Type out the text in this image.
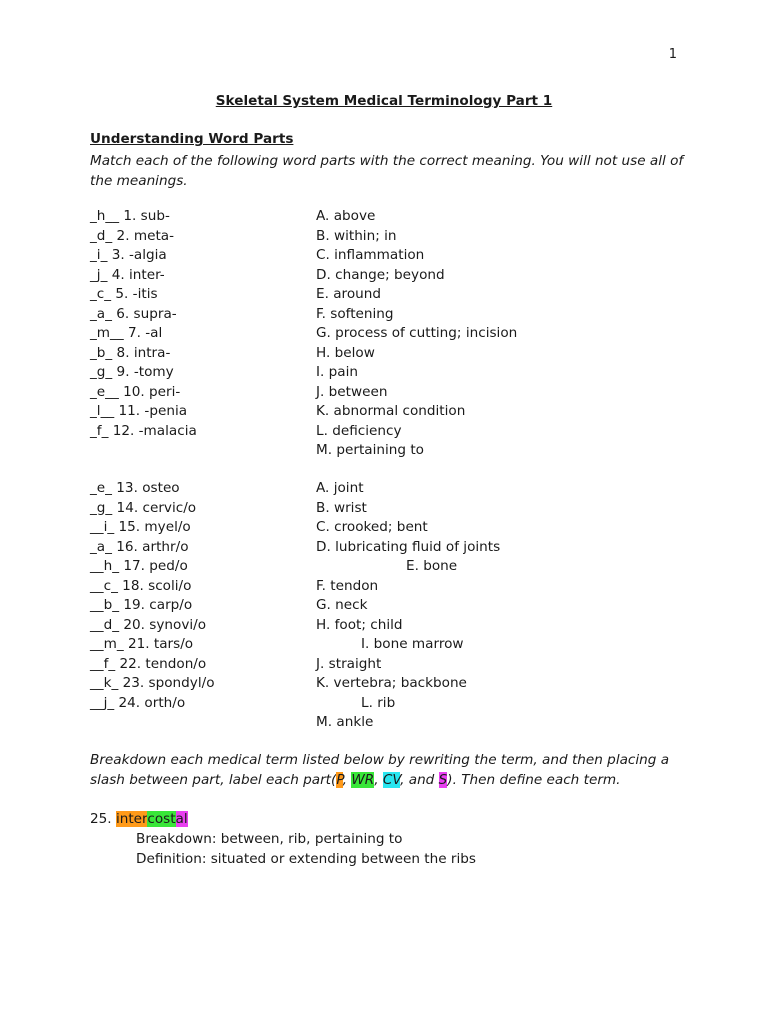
1
Skeletal System Medical Terminology Part 1
Understanding Word Parts
Match each of the following word parts with the correct meaning. You will not use all of the meanings.
_h__ 1. sub-	A. above
_d_ 2. meta-	B. within; in
_i_ 3. -algia	C. inflammation
_j_ 4. inter-	D. change; beyond
_c_ 5. -itis	E. around
_a_ 6. supra-	F. softening
_m__ 7. -al	G. process of cutting; incision
_b_ 8. intra-	H. below
_g_ 9. -tomy	I. pain
_e__ 10. peri-	J. between
_l__ 11. -penia	K. abnormal condition
_f_ 12. -malacia	L. deficiency
M. pertaining to
_e_ 13. osteo	A. joint
_g_ 14. cervic/o	B. wrist
__i_ 15. myel/o	C. crooked; bent
_a_ 16. arthr/o	D. lubricating fluid of joints
__h_ 17. ped/o	E. bone
__c_ 18. scoli/o	F. tendon
__b_ 19. carp/o	G. neck
__d_ 20. synovi/o	H. foot; child
__m_ 21. tars/o	I. bone marrow
__f_ 22. tendon/o	J. straight
__k_ 23. spondyl/o	K. vertebra; backbone
__j_ 24. orth/o	L. rib
M. ankle
Breakdown each medical term listed below by rewriting the term, and then placing a slash between part, label each part(P, WR, CV, and S). Then define each term.
25. intercostal
Breakdown: between, rib, pertaining to
Definition: situated or extending between the ribs
